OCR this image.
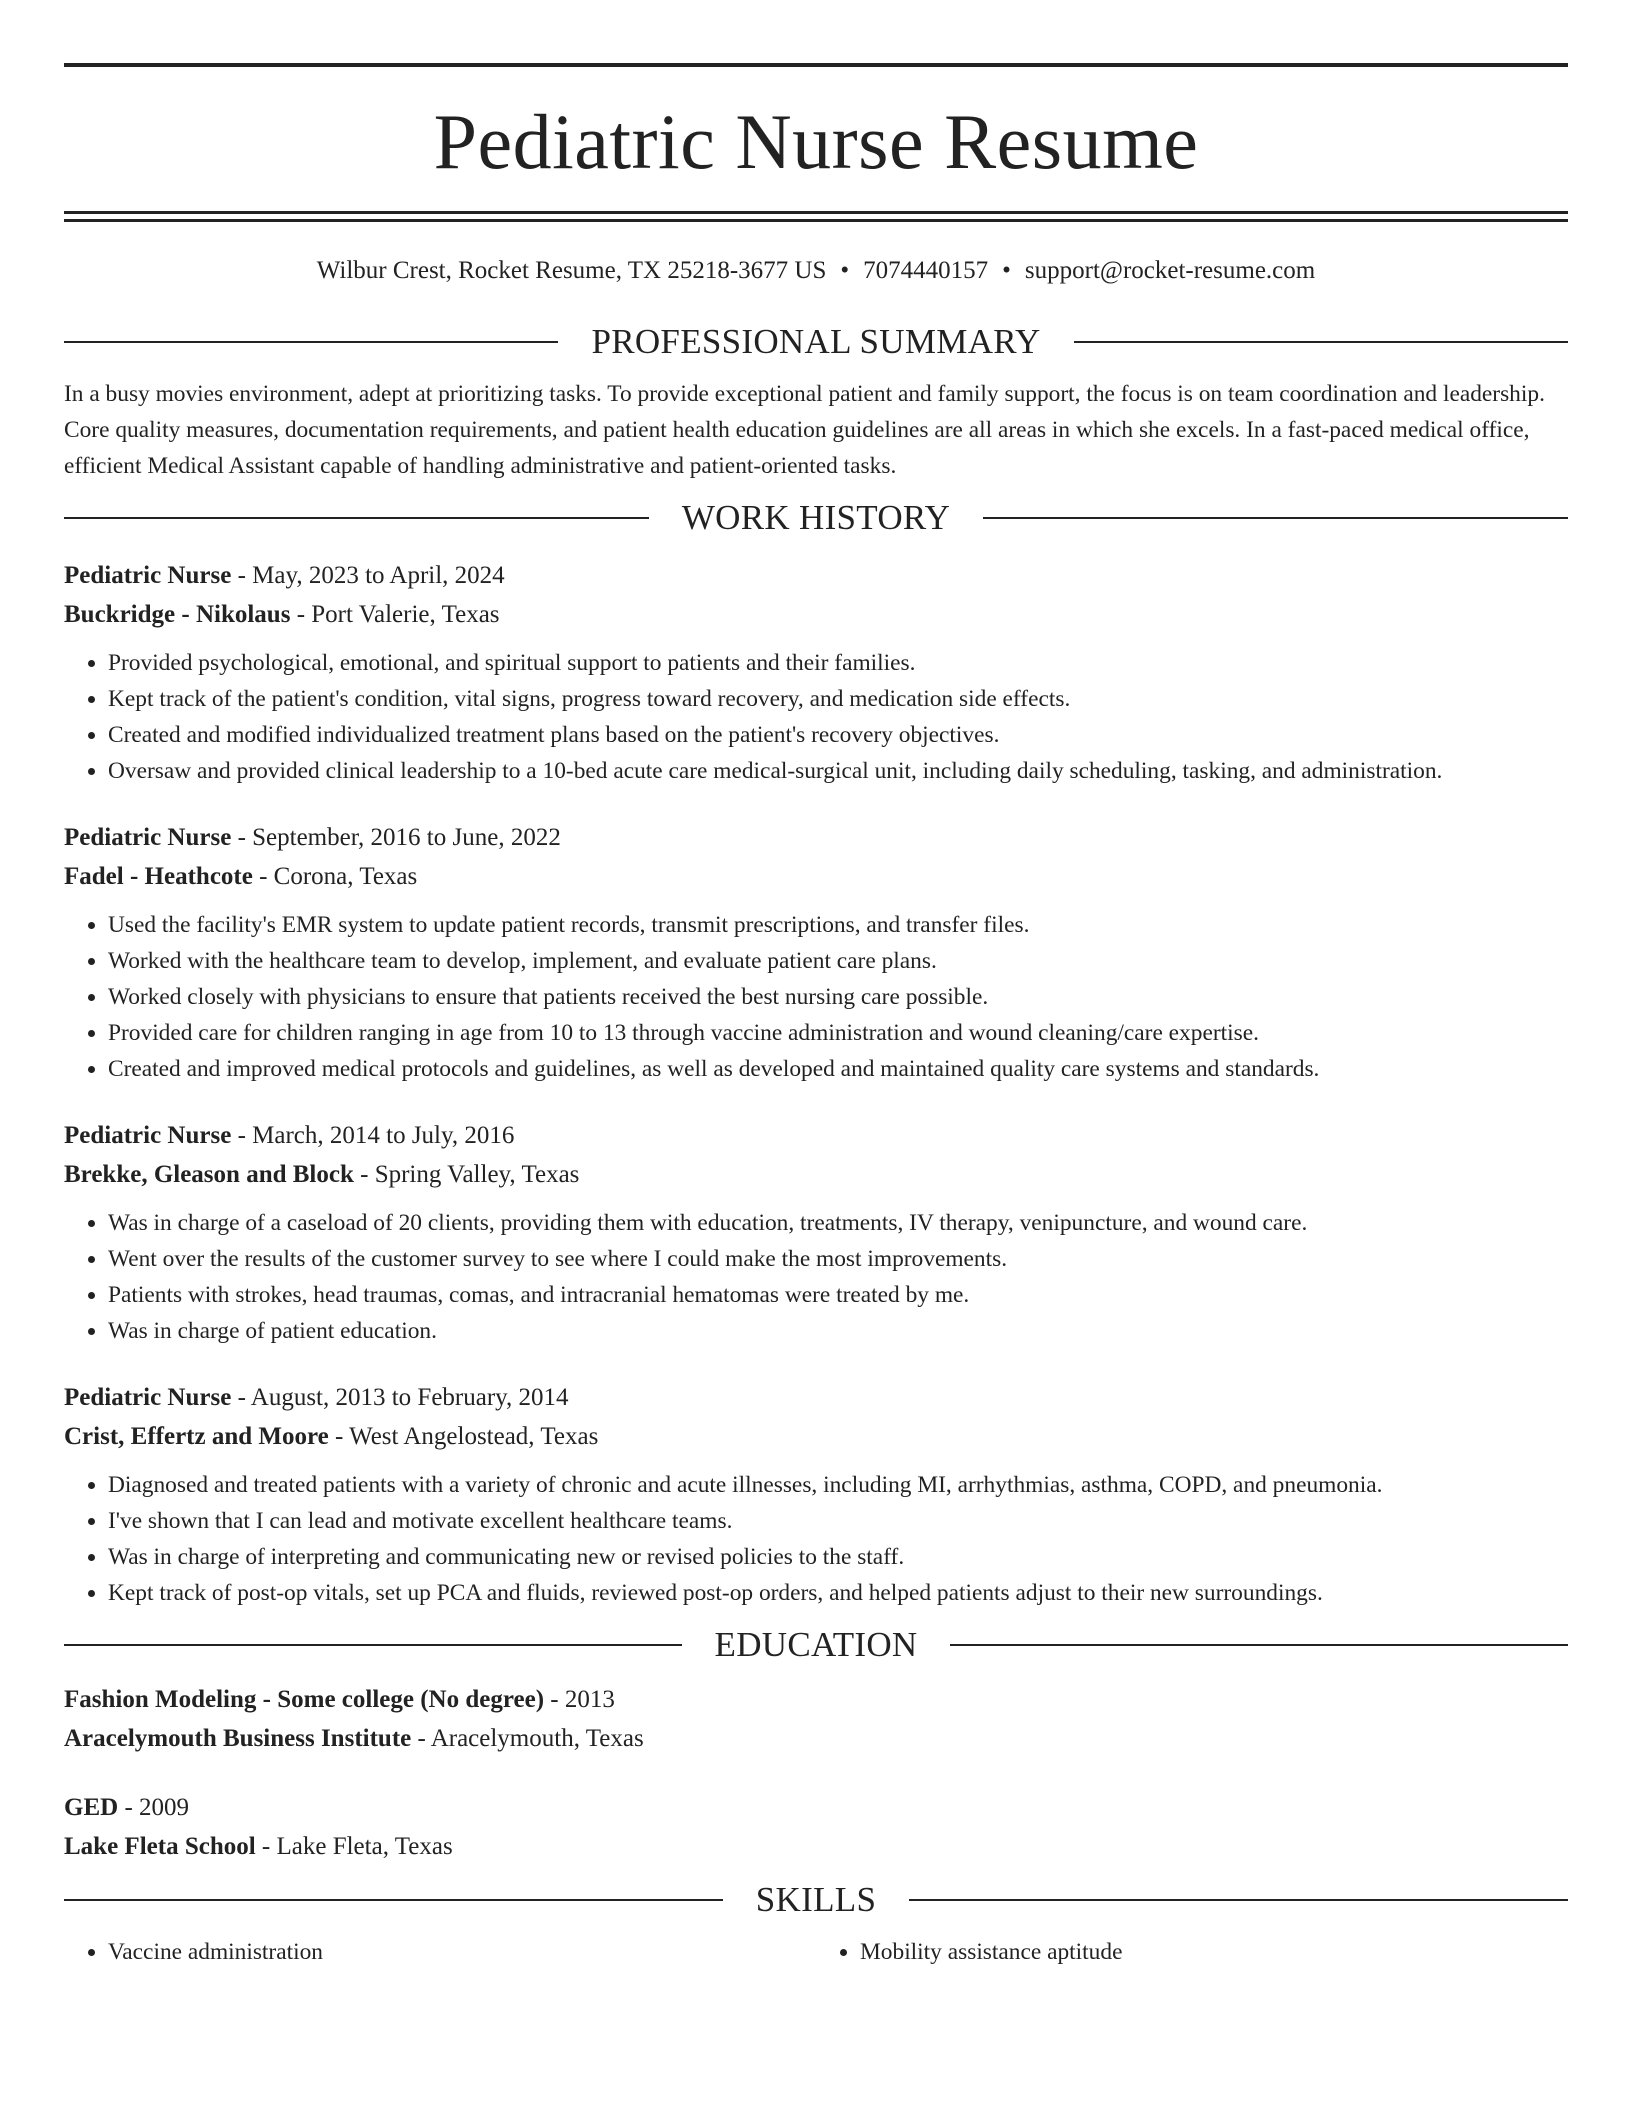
Pediatric Nurse Resume
Wilbur Crest, Rocket Resume, TX 25218-3677 US • 7074440157 • support@rocket-resume.com
PROFESSIONAL SUMMARY
In a busy movies environment, adept at prioritizing tasks. To provide exceptional patient and family support, the focus is on team coordination and leadership. Core quality measures, documentation requirements, and patient health education guidelines are all areas in which she excels. In a fast-paced medical office, efficient Medical Assistant capable of handling administrative and patient-oriented tasks.
WORK HISTORY
Pediatric Nurse - May, 2023 to April, 2024
Buckridge - Nikolaus - Port Valerie, Texas
• Provided psychological, emotional, and spiritual support to patients and their families.
• Kept track of the patient's condition, vital signs, progress toward recovery, and medication side effects.
• Created and modified individualized treatment plans based on the patient's recovery objectives.
• Oversaw and provided clinical leadership to a 10-bed acute care medical-surgical unit, including daily scheduling, tasking, and administration.
Pediatric Nurse - September, 2016 to June, 2022
Fadel - Heathcote - Corona, Texas
• Used the facility's EMR system to update patient records, transmit prescriptions, and transfer files.
• Worked with the healthcare team to develop, implement, and evaluate patient care plans.
• Worked closely with physicians to ensure that patients received the best nursing care possible.
• Provided care for children ranging in age from 10 to 13 through vaccine administration and wound cleaning/care expertise.
• Created and improved medical protocols and guidelines, as well as developed and maintained quality care systems and standards.
Pediatric Nurse - March, 2014 to July, 2016
Brekke, Gleason and Block - Spring Valley, Texas
• Was in charge of a caseload of 20 clients, providing them with education, treatments, IV therapy, venipuncture, and wound care.
• Went over the results of the customer survey to see where I could make the most improvements.
• Patients with strokes, head traumas, comas, and intracranial hematomas were treated by me.
• Was in charge of patient education.
Pediatric Nurse - August, 2013 to February, 2014
Crist, Effertz and Moore - West Angelostead, Texas
• Diagnosed and treated patients with a variety of chronic and acute illnesses, including MI, arrhythmias, asthma, COPD, and pneumonia.
• I've shown that I can lead and motivate excellent healthcare teams.
• Was in charge of interpreting and communicating new or revised policies to the staff.
• Kept track of post-op vitals, set up PCA and fluids, reviewed post-op orders, and helped patients adjust to their new surroundings.
EDUCATION
Fashion Modeling - Some college (No degree) - 2013
Aracelymouth Business Institute - Aracelymouth, Texas
GED - 2009
Lake Fleta School - Lake Fleta, Texas
SKILLS
• Vaccine administration
•	Mobility assistance aptitude
